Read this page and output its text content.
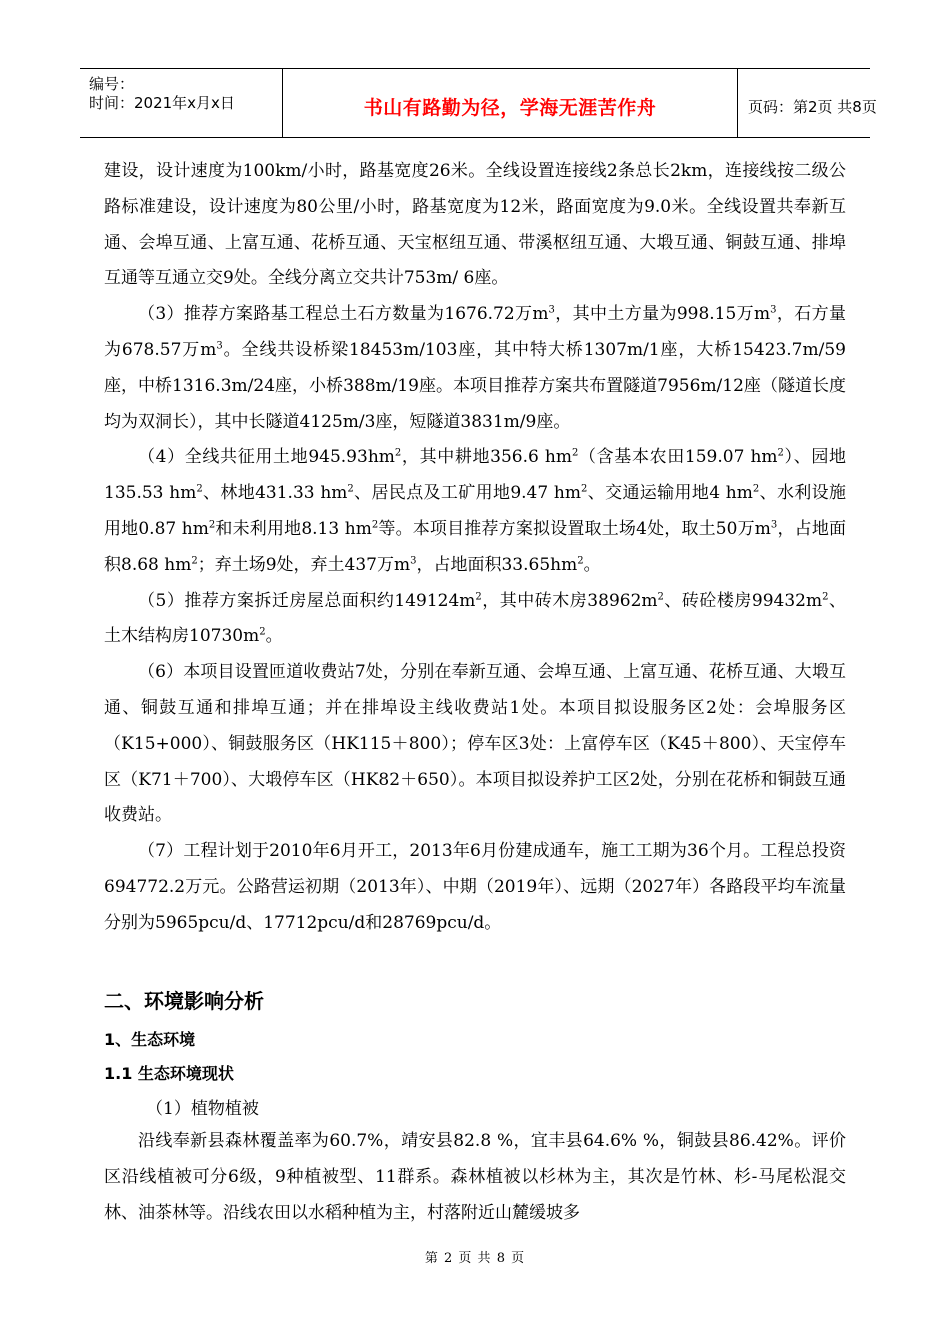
编号：
时间：2021年x月x日	书山有路勤为径，学海无涯苦作舟	页码：第2页 共8页

建设，设计速度为100km/小时，路基宽度26米。全线设置连接线2条总长2km，连接线按二级公路标准建设，设计速度为80公里/小时，路基宽度为12米，路面宽度为9.0米。全线设置共奉新互通、会埠互通、上富互通、花桥互通、天宝枢纽互通、带溪枢纽互通、大塅互通、铜鼓互通、排埠互通等互通立交9处。全线分离立交共计753m/ 6座。

（3）推荐方案路基工程总土石方数量为1676.72万$m^3$，其中土方量为998.15万$m^3$，石方量为678.57万$m^3$。全线共设桥梁18453m/103座，其中特大桥1307m/1座，大桥15423.7m/59座，中桥1316.3m/24座，小桥388m/19座。本项目推荐方案共布置隧道7956m/12座（隧道长度均为双洞长），其中长隧道4125m/3座，短隧道3831m/9座。

（4）全线共征用土地$945.93hm^2$，其中耕地356.6 $hm^2$（含基本农田159.07 $hm^2$）、园地135.53 $hm^2$、林地431.33 $hm^2$、居民点及工矿用地9.47 $hm^2$、交通运输用地4 $hm^2$、水利设施用地0.87 $hm^2$和未利用地8.13 $hm^2$等。本项目推荐方案拟设置取土场4处，取土50万$m^3$，占地面积8.68 $hm^2$；弃土场9处，弃土437万$m^3$，占地面积$33.65hm^2$。

（5）推荐方案拆迁房屋总面积约$149124m^2$，其中砖木房$38962m^2$、砖砼楼房$99432m^2$、土木结构房$10730m^2$。

（6）本项目设置匝道收费站7处，分别在奉新互通、会埠互通、上富互通、花桥互通、大塅互通、铜鼓互通和排埠互通；并在排埠设主线收费站1处。本项目拟设服务区2处：会埠服务区（K15+000）、铜鼓服务区（HK115＋800）；停车区3处：上富停车区（K45＋800）、天宝停车区（K71＋700）、大塅停车区（HK82＋650）。本项目拟设养护工区2处，分别在花桥和铜鼓互通收费站。

（7）工程计划于2010年6月开工，2013年6月份建成通车，施工工期为36个月。工程总投资694772.2万元。公路营运初期（2013年）、中期（2019年）、远期（2027年）各路段平均车流量分别为5965pcu/d、17712pcu/d和28769pcu/d。

二、环境影响分析
1、生态环境
1.1 生态环境现状
（1）植物植被

沿线奉新县森林覆盖率为60.7%，靖安县82.8 %，宜丰县64.6% %，铜鼓县86.42%。评价区沿线植被可分6级，9种植被型、11群系。森林植被以杉林为主，其次是竹林、杉-马尾松混交林、油茶林等。沿线农田以水稻种植为主，村落附近山麓缓坡多

第 2 页 共 8 页
